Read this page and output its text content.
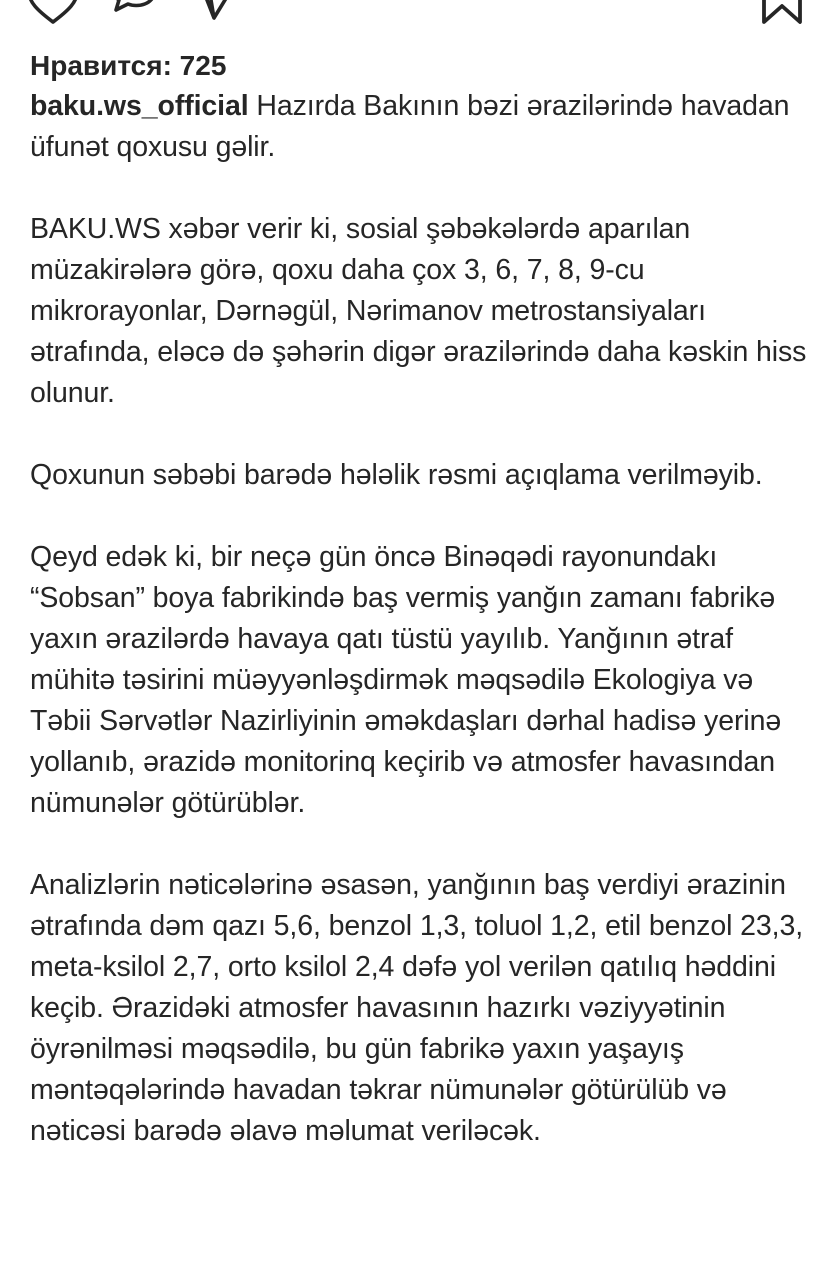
Нравится: 725

baku.ws_official Hazırda Bakının bəzi ərazilərində havadan üfunət qoxusu gəlir.

BAKU.WS xəbər verir ki, sosial şəbəkələrdə aparılan müzakirələrə görə, qoxu daha çox 3, 6, 7, 8, 9-cu mikrorayonlar, Dərnəgül, Nərimanov metrostansiyaları ətrafında, eləcə də şəhərin digər ərazilərində daha kəskin hiss olunur.

Qoxunun səbəbi barədə hələlik rəsmi açıqlama verilməyib.

Qeyd edək ki, bir neçə gün öncə Binəqədi rayonundakı “Sobsan” boya fabrikində baş vermiş yanğın zamanı fabrikə yaxın ərazilərdə havaya qatı tüstü yayılıb. Yanğının ətraf mühitə təsirini müəyyənləşdirmək məqsədilə Ekologiya və Təbii Sərvətlər Nazirliyinin əməkdaşları dərhal hadisə yerinə yollanıb, ərazidə monitorinq keçirib və atmosfer havasından nümunələr götürüblər.

Analizlərin nəticələrinə əsasən, yanğının baş verdiyi ərazinin ətrafında dəm qazı 5,6, benzol 1,3, toluol 1,2, etil benzol 23,3, meta-ksilol 2,7, orto ksilol 2,4 dəfə yol verilən qatılıq həddini keçib. Ərazidəki atmosfer havasının hazırkı vəziyyətinin öyrənilməsi məqsədilə, bu gün fabrikə yaxın yaşayış məntəqələrində havadan təkrar nümunələr götürülüb və nəticəsi barədə əlavə məlumat veriləcək.
